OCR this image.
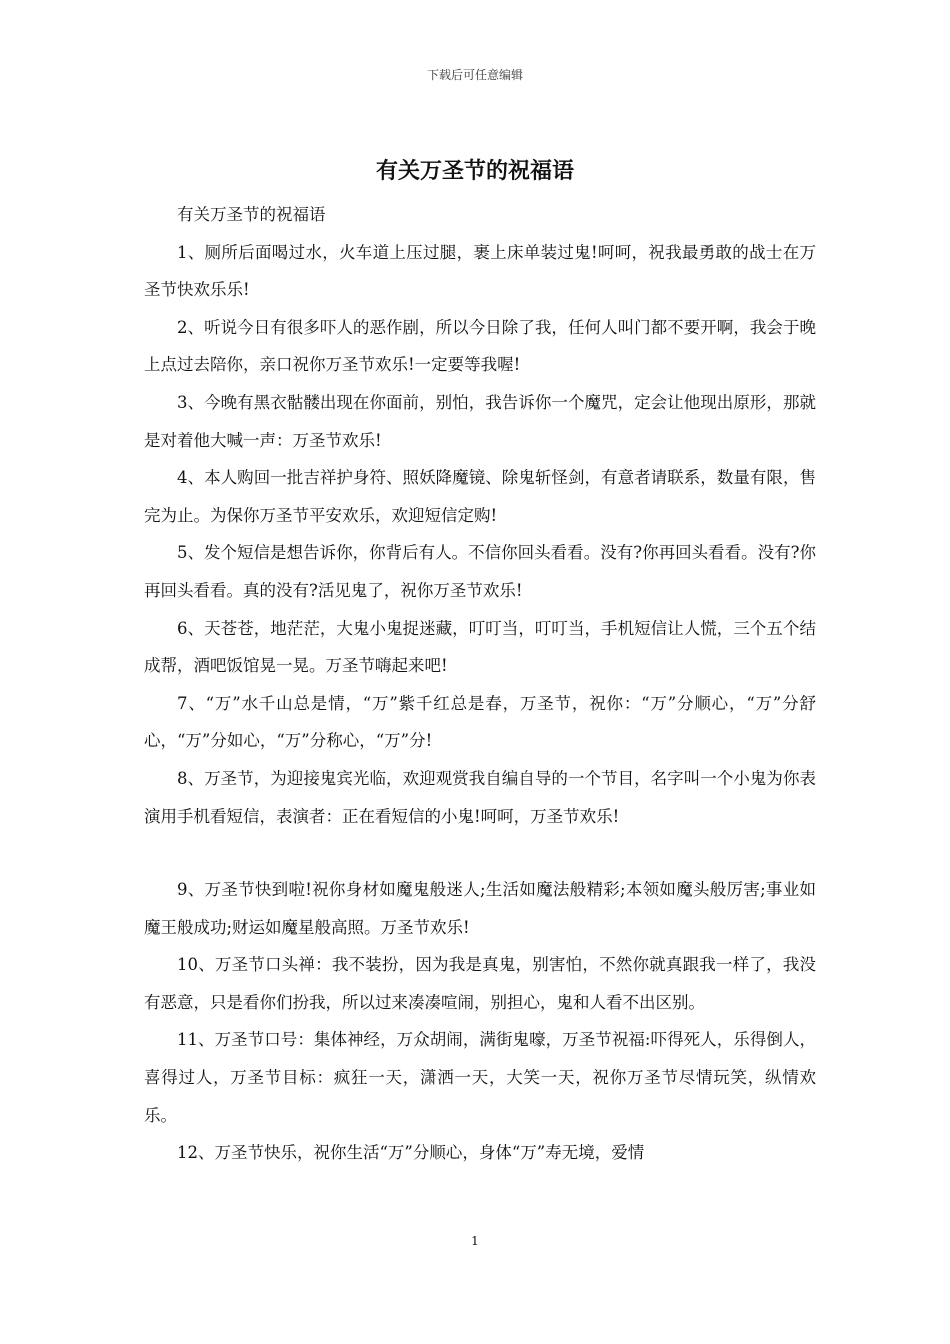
下载后可任意编辑
有关万圣节的祝福语

有关万圣节的祝福语

1、厕所后面喝过水，火车道上压过腿，裹上床单装过鬼!呵呵，祝我最勇敢的战士在万圣节快欢乐乐!

2、听说今日有很多吓人的恶作剧，所以今日除了我，任何人叫门都不要开啊，我会于晚上点过去陪你，亲口祝你万圣节欢乐!一定要等我喔!

3、今晚有黑衣骷髅出现在你面前，别怕，我告诉你一个魔咒，定会让他现出原形，那就是对着他大喊一声：万圣节欢乐!

4、本人购回一批吉祥护身符、照妖降魔镜、除鬼斩怪剑，有意者请联系，数量有限，售完为止。为保你万圣节平安欢乐，欢迎短信定购!

5、发个短信是想告诉你，你背后有人。不信你回头看看。没有?你再回头看看。没有?你再回头看看。真的没有?活见鬼了，祝你万圣节欢乐!

6、天苍苍，地茫茫，大鬼小鬼捉迷藏，叮叮当，叮叮当，手机短信让人慌，三个五个结成帮，酒吧饭馆晃一晃。万圣节嗨起来吧!

7、“万”水千山总是情，“万”紫千红总是春，万圣节，祝你：“万”分顺心，“万”分舒心，“万”分如心，“万”分称心，“万”分!

8、万圣节，为迎接鬼宾光临，欢迎观赏我自编自导的一个节目，名字叫一个小鬼为你表演用手机看短信，表演者：正在看短信的小鬼!呵呵，万圣节欢乐!

9、万圣节快到啦!祝你身材如魔鬼般迷人;生活如魔法般精彩;本领如魔头般厉害;事业如魔王般成功;财运如魔星般高照。万圣节欢乐!

10、万圣节口头禅：我不装扮，因为我是真鬼，别害怕，不然你就真跟我一样了，我没有恶意，只是看你们扮我，所以过来凑凑喧闹，别担心，鬼和人看不出区别。

11、万圣节口号：集体神经，万众胡闹，满街鬼嚎，万圣节祝福:吓得死人，乐得倒人，喜得过人，万圣节目标：疯狂一天，潇洒一天，大笑一天，祝你万圣节尽情玩笑，纵情欢乐。

12、万圣节快乐，祝你生活“万”分顺心，身体“万”寿无境，爱情

1
